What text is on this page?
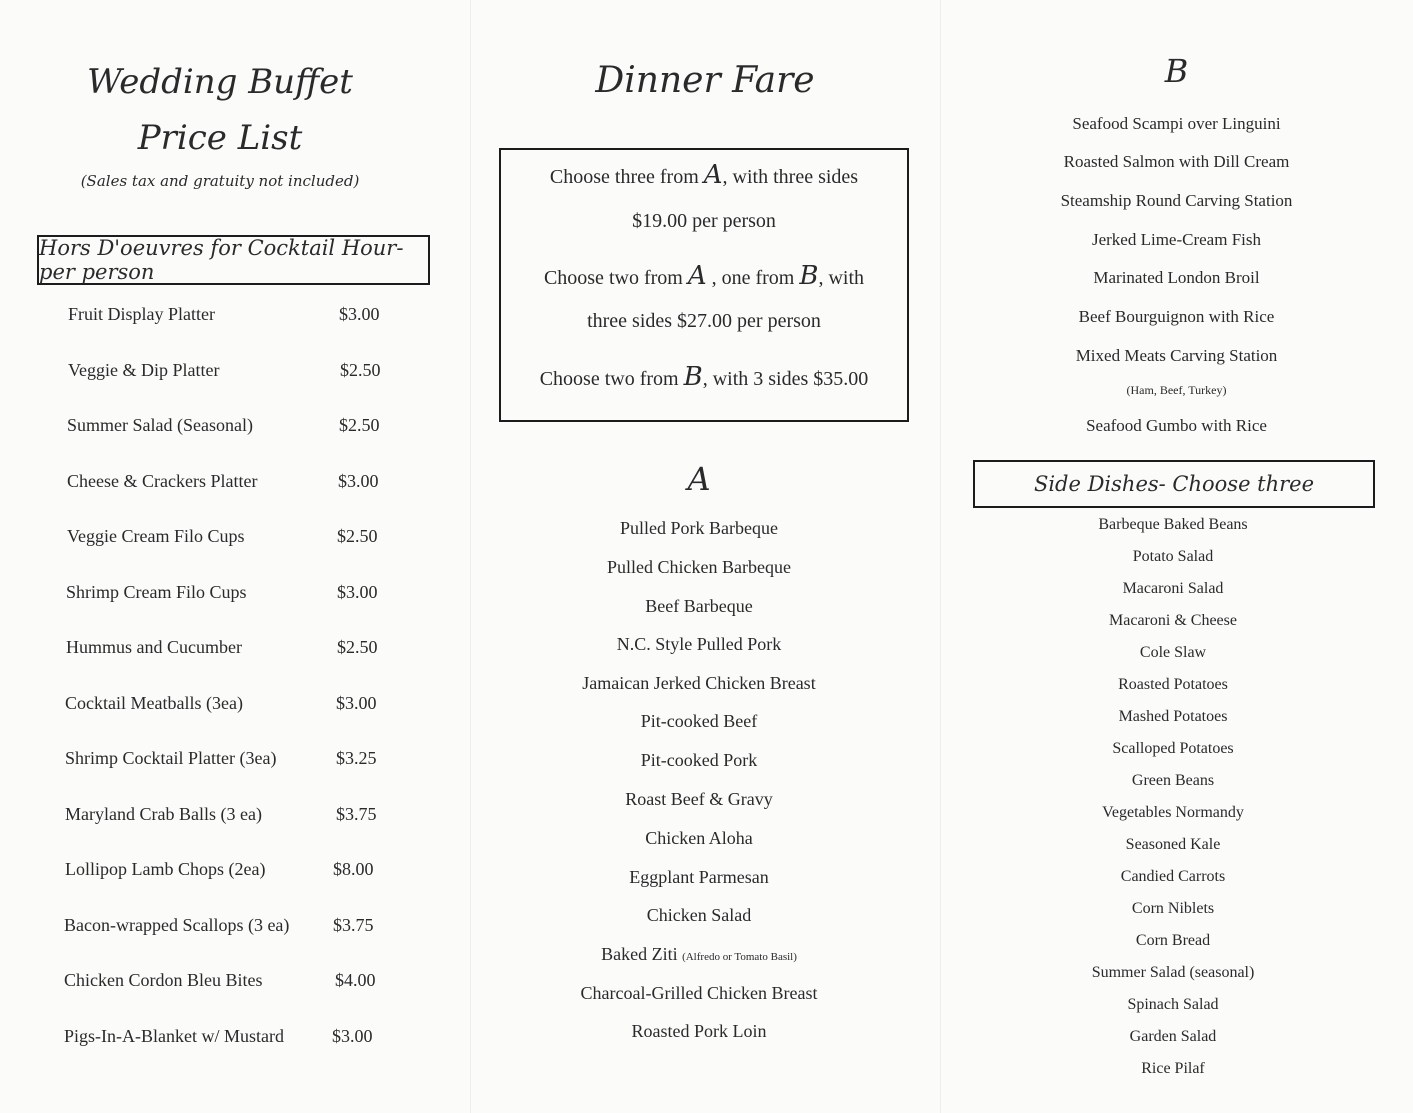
Wedding Buffet
Price List
(Sales tax and gratuity not included)
Hors D'oeuvres for Cocktail Hour- per person
Fruit Display Platter	$3.00
Veggie & Dip Platter	$2.50
Summer Salad (Seasonal)	$2.50
Cheese & Crackers Platter	$3.00
Veggie Cream Filo Cups	$2.50
Shrimp Cream Filo Cups	$3.00
Hummus and Cucumber	$2.50
Cocktail Meatballs (3ea)	$3.00
Shrimp Cocktail Platter (3ea)	$3.25
Maryland Crab Balls (3 ea)	$3.75
Lollipop Lamb Chops (2ea)	$8.00
Bacon-wrapped Scallops (3 ea) $3.75
Chicken Cordon Bleu Bites	$4.00
Pigs-In-A-Blanket w/ Mustard	$3.00
Dinner Fare
Choose three from A, with three sides
$19.00 per person
Choose two from A , one from B, with
three sides $27.00 per person
Choose two from B, with 3 sides $35.00
A
Pulled Pork Barbeque
Pulled Chicken Barbeque
Beef Barbeque
N.C. Style Pulled Pork
Jamaican Jerked Chicken Breast
Pit-cooked Beef
Pit-cooked Pork
Roast Beef & Gravy
Chicken Aloha
Eggplant Parmesan
Chicken Salad
Baked Ziti (Alfredo or Tomato Basil)
Charcoal-Grilled Chicken Breast
Roasted Pork Loin
B
Seafood Scampi over Linguini
Roasted Salmon with Dill Cream
Steamship Round Carving Station
Jerked Lime-Cream Fish
Marinated London Broil
Beef Bourguignon with Rice
Mixed Meats Carving Station
(Ham, Beef, Turkey)
Seafood Gumbo with Rice
Side Dishes- Choose three
Barbeque Baked Beans
Potato Salad
Macaroni Salad
Macaroni & Cheese
Cole Slaw
Roasted Potatoes
Mashed Potatoes
Scalloped Potatoes
Green Beans
Vegetables Normandy
Seasoned Kale
Candied Carrots
Corn Niblets
Corn Bread
Summer Salad (seasonal)
Spinach Salad
Garden Salad
Rice Pilaf
